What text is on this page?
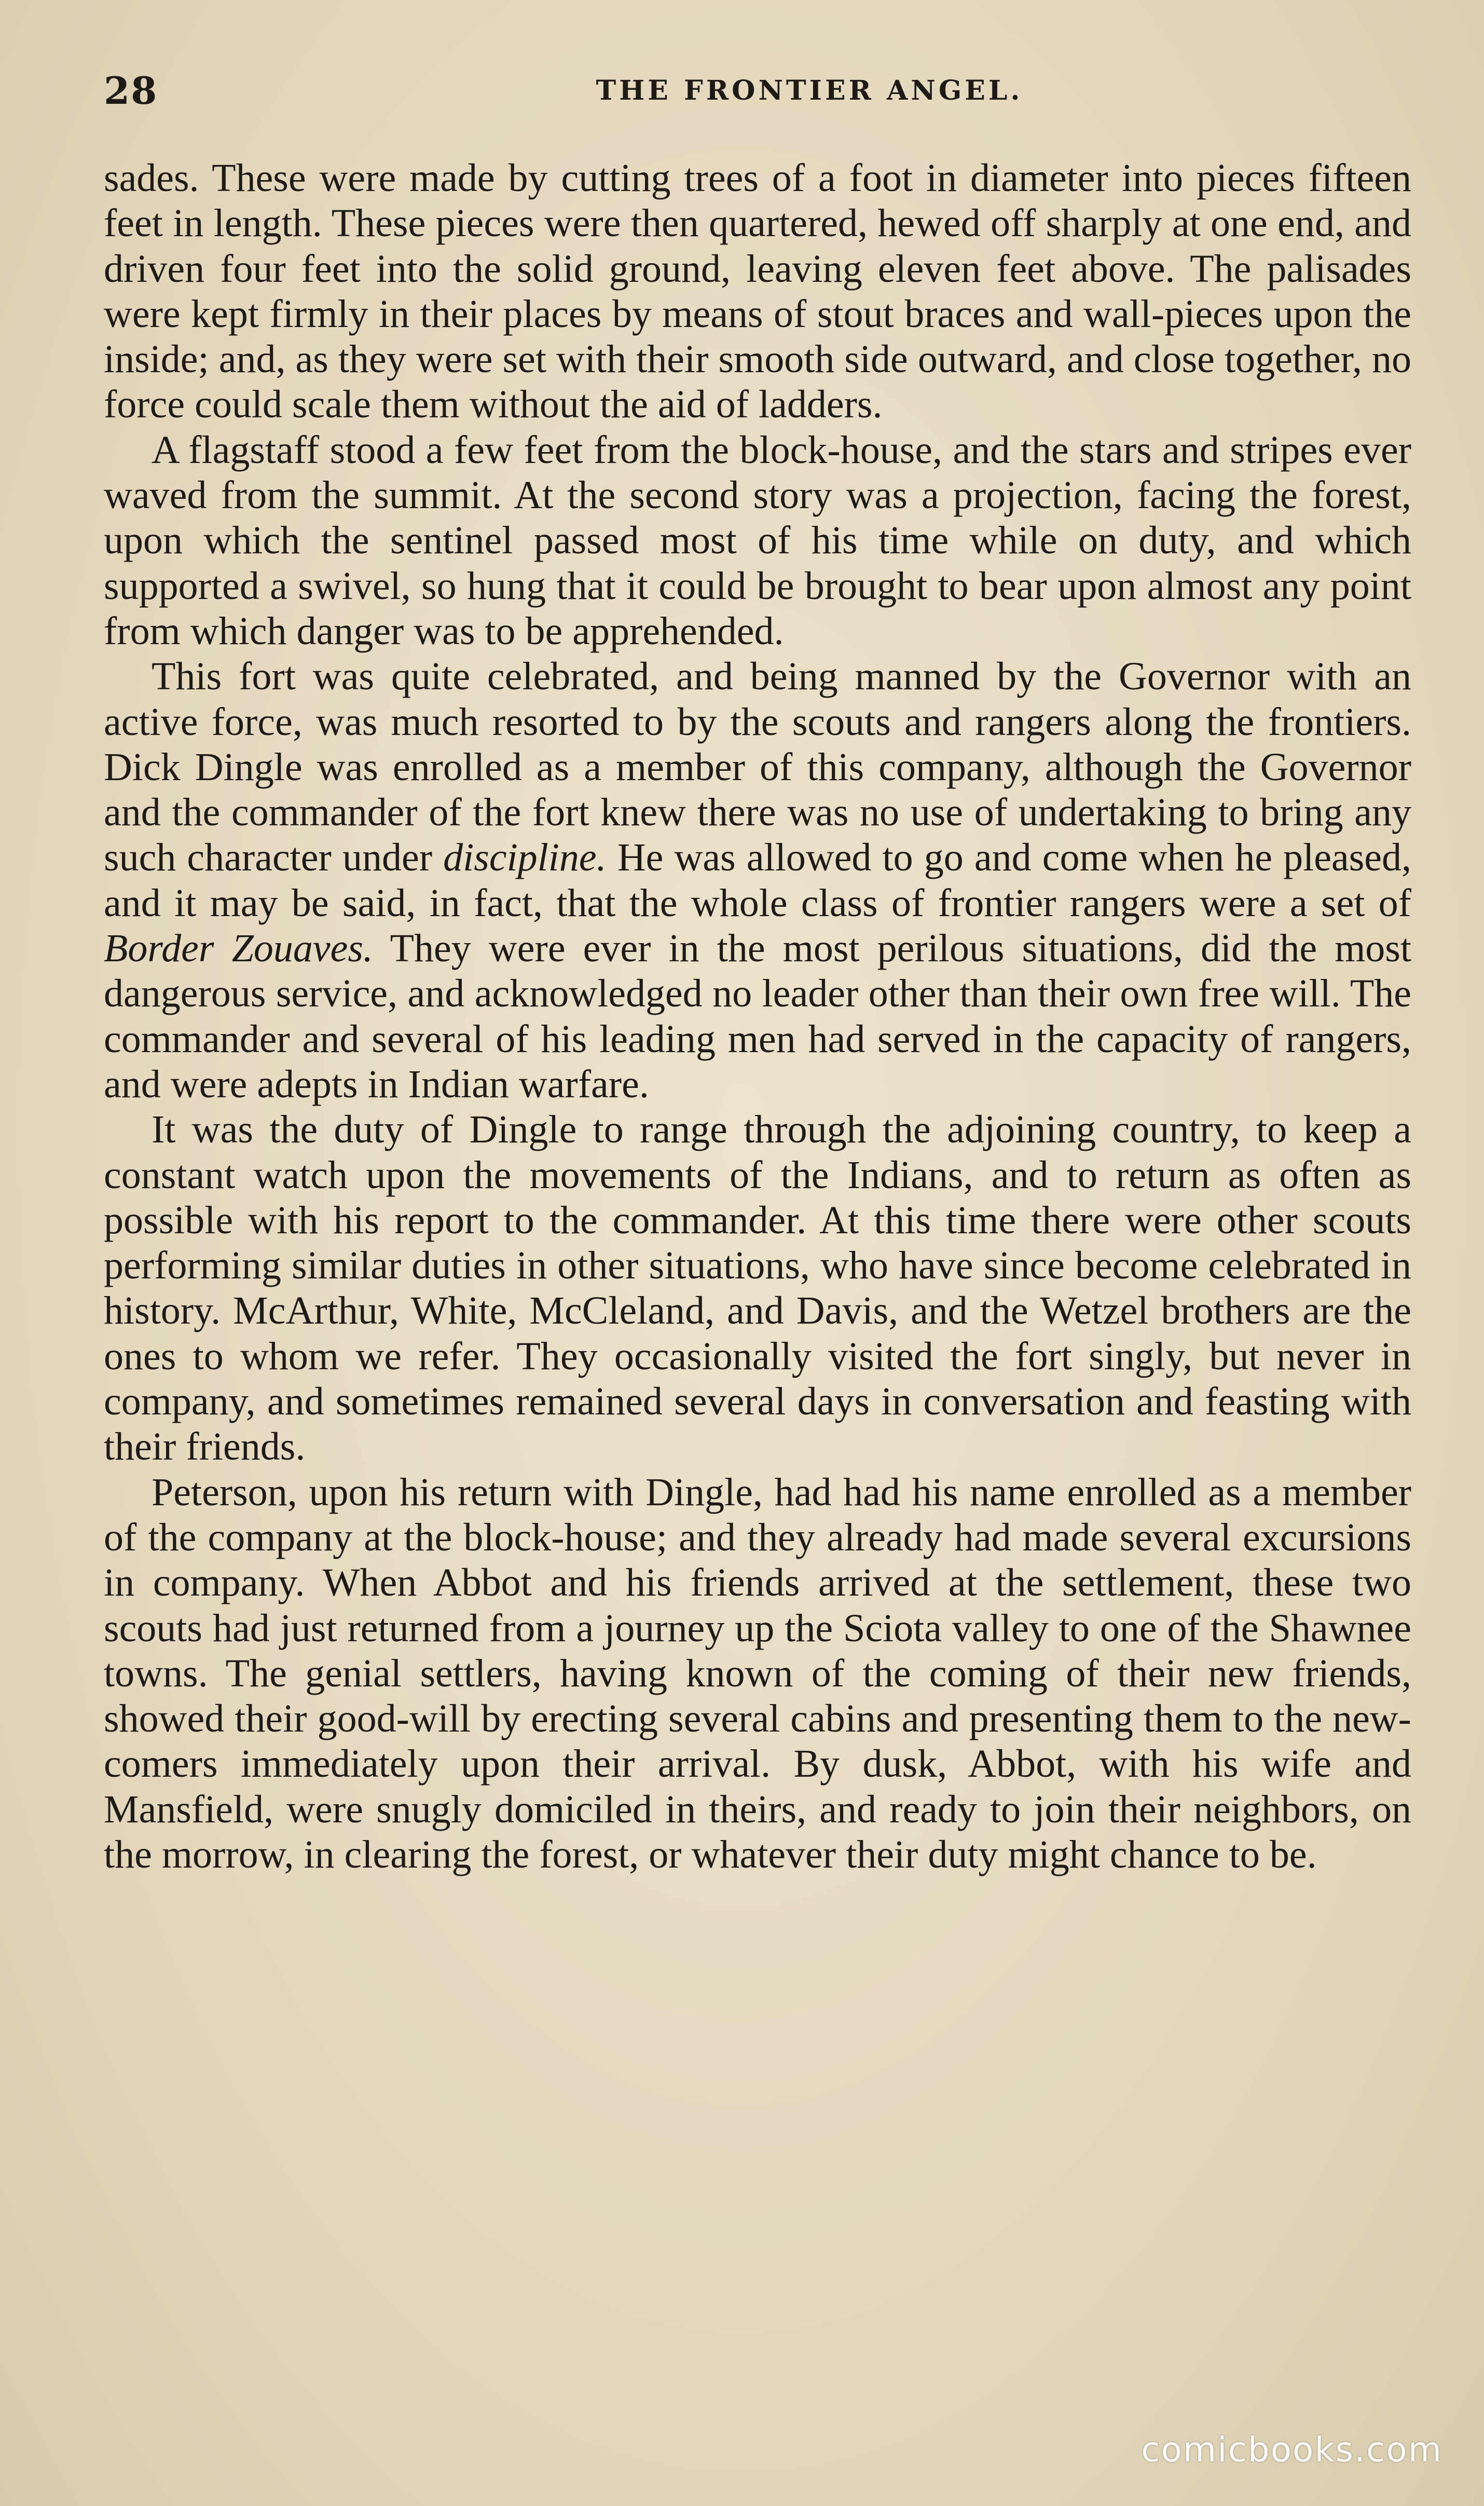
28	THE FRONTIER ANGEL.

sades. These were made by cutting trees of a foot in diameter into pieces fifteen feet in length. These pieces were then quartered, hewed off sharply at one end, and driven four feet into the solid ground, leaving eleven feet above. The palisades were kept firmly in their places by means of stout braces and wall-pieces upon the inside; and, as they were set with their smooth side outward, and close together, no force could scale them without the aid of ladders.

A flagstaff stood a few feet from the block-house, and the stars and stripes ever waved from the summit. At the second story was a projection, facing the forest, upon which the sentinel passed most of his time while on duty, and which supported a swivel, so hung that it could be brought to bear upon almost any point from which danger was to be apprehended.

This fort was quite celebrated, and being manned by the Governor with an active force, was much resorted to by the scouts and rangers along the frontiers. Dick Dingle was enrolled as a member of this company, although the Governor and the commander of the fort knew there was no use of undertaking to bring any such character under discipline. He was allowed to go and come when he pleased, and it may be said, in fact, that the whole class of frontier rangers were a set of Border Zouaves. They were ever in the most perilous situations, did the most dangerous service, and acknowledged no leader other than their own free will. The commander and several of his leading men had served in the capacity of rangers, and were adepts in Indian warfare.

It was the duty of Dingle to range through the adjoining country, to keep a constant watch upon the movements of the Indians, and to return as often as possible with his report to the commander. At this time there were other scouts performing similar duties in other situations, who have since become celebrated in history. McArthur, White, McCleland, and Davis, and the Wetzel brothers are the ones to whom we refer. They occasionally visited the fort singly, but never in company, and sometimes remained several days in conversation and feasting with their friends.

Peterson, upon his return with Dingle, had had his name enrolled as a member of the company at the block-house; and they already had made several excursions in company. When Abbot and his friends arrived at the settlement, these two scouts had just returned from a journey up the Sciota valley to one of the Shawnee towns. The genial settlers, having known of the coming of their new friends, showed their good-will by erecting several cabins and presenting them to the new-comers immediately upon their arrival. By dusk, Abbot, with his wife and Mansfield, were snugly domiciled in theirs, and ready to join their neighbors, on the morrow, in clearing the forest, or whatever their duty might chance to be.

comicbooks.com
